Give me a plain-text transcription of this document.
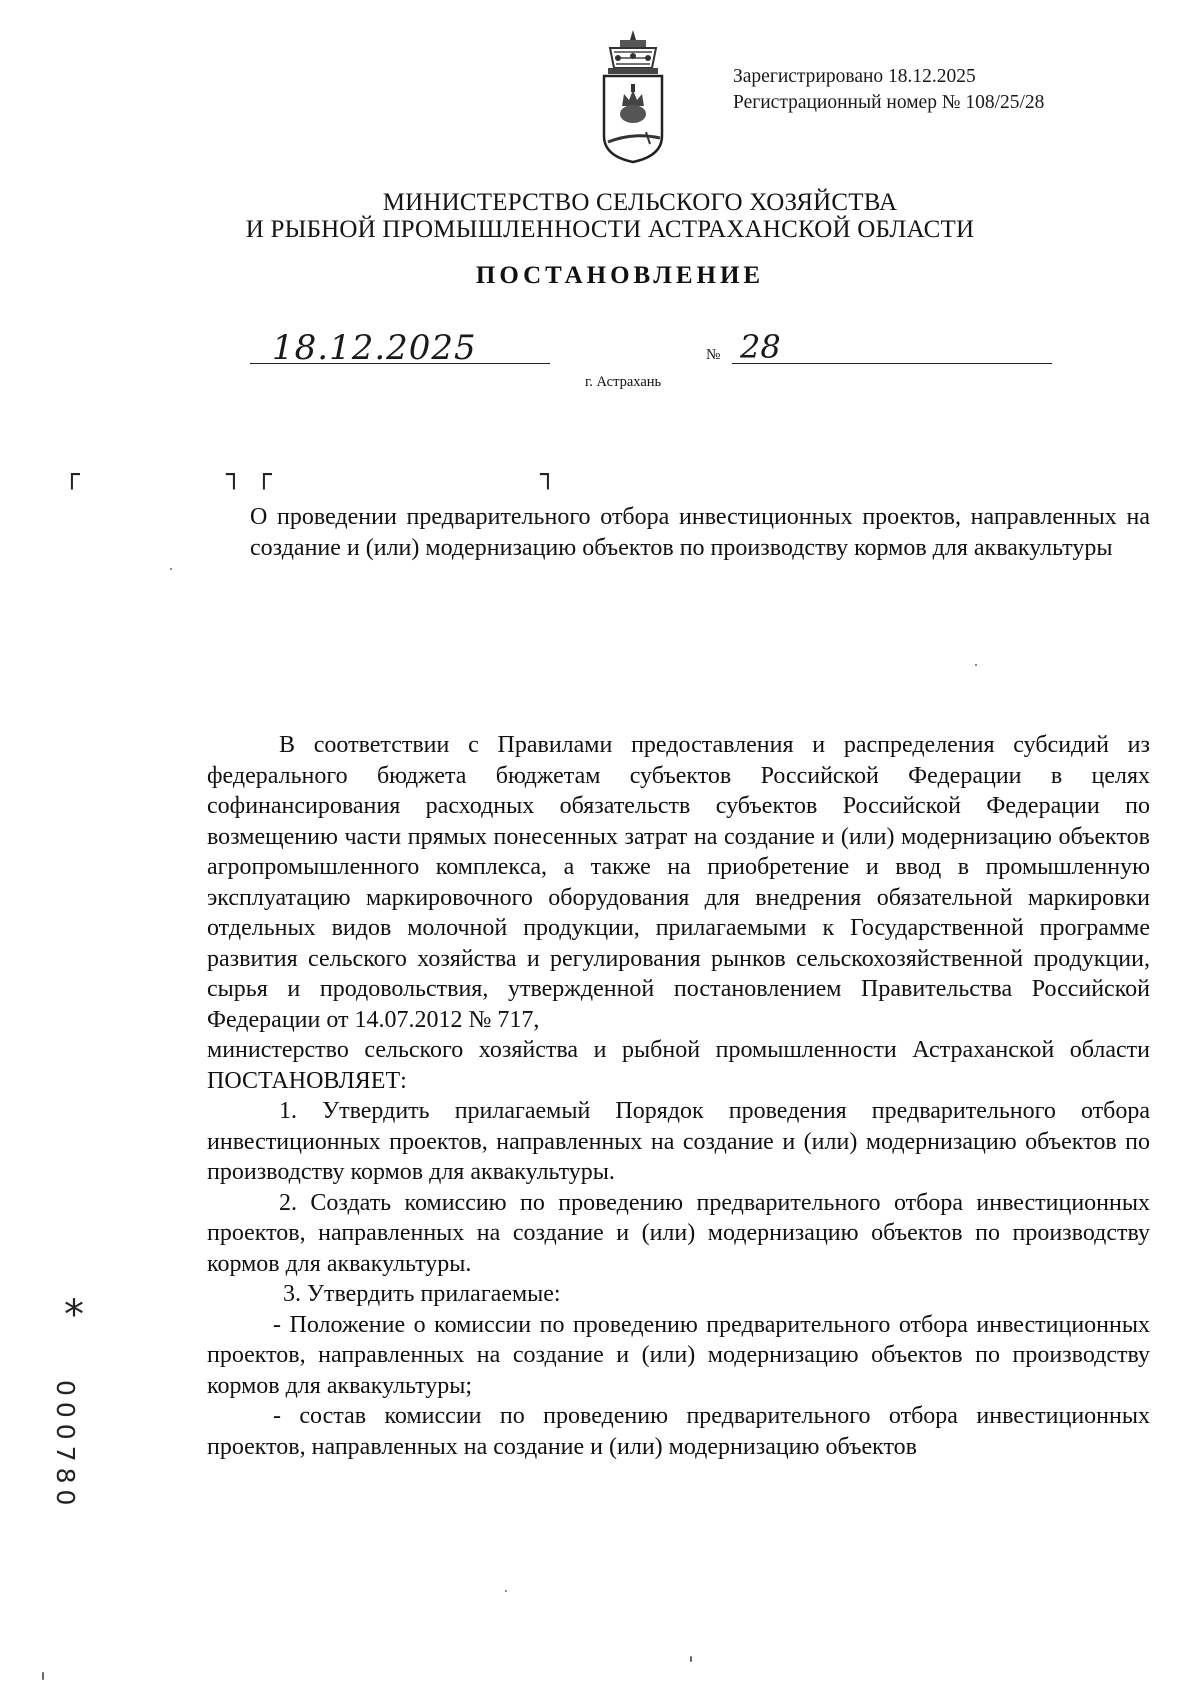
Зарегистрировано 18.12.2025
Регистрационный номер № 108/25/28
МИНИСТЕРСТВО СЕЛЬСКОГО ХОЗЯЙСТВА
И РЫБНОЙ ПРОМЫШЛЕННОСТИ АСТРАХАНСКОЙ ОБЛАСТИ
ПОСТАНОВЛЕНИЕ
18.12.2025	№ 28
г. Астрахань
┌	┐ ┌	┐
О проведении предварительного отбора инвестиционных проектов, направленных на создание и (или) модернизацию объектов по производству кормов для аквакультуры

В соответствии с Правилами предоставления и распределения субсидий из федерального бюджета бюджетам субъектов Российской Федерации в целях софинансирования расходных обязательств субъектов Российской Федерации по возмещению части прямых понесенных затрат на создание и (или) модернизацию объектов агропромышленного комплекса, а также на приобретение и ввод в промышленную эксплуатацию маркировочного оборудования для внедрения обязательной маркировки отдельных видов молочной продукции, прилагаемыми к Государственной программе развития сельского хозяйства и регулирования рынков сельскохозяйственной продукции, сырья и продовольствия, утвержденной постановлением Правительства Российской Федерации от 14.07.2012 № 717,

министерство сельского хозяйства и рыбной промышленности Астраханской области ПОСТАНОВЛЯЕТ:

1. Утвердить прилагаемый Порядок проведения предварительного отбора инвестиционных проектов, направленных на создание и (или) модернизацию объектов по производству кормов для аквакультуры.

2. Создать комиссию по проведению предварительного отбора инвестиционных проектов, направленных на создание и (или) модернизацию объектов по производству кормов для аквакультуры.

3. Утвердить прилагаемые:

- Положение о комиссии по проведению предварительного отбора инвестиционных проектов, направленных на создание и (или) модернизацию объектов по производству кормов для аквакультуры;

- состав комиссии по проведению предварительного отбора инвестиционных проектов, направленных на создание и (или) модернизацию объектов

*
000780
